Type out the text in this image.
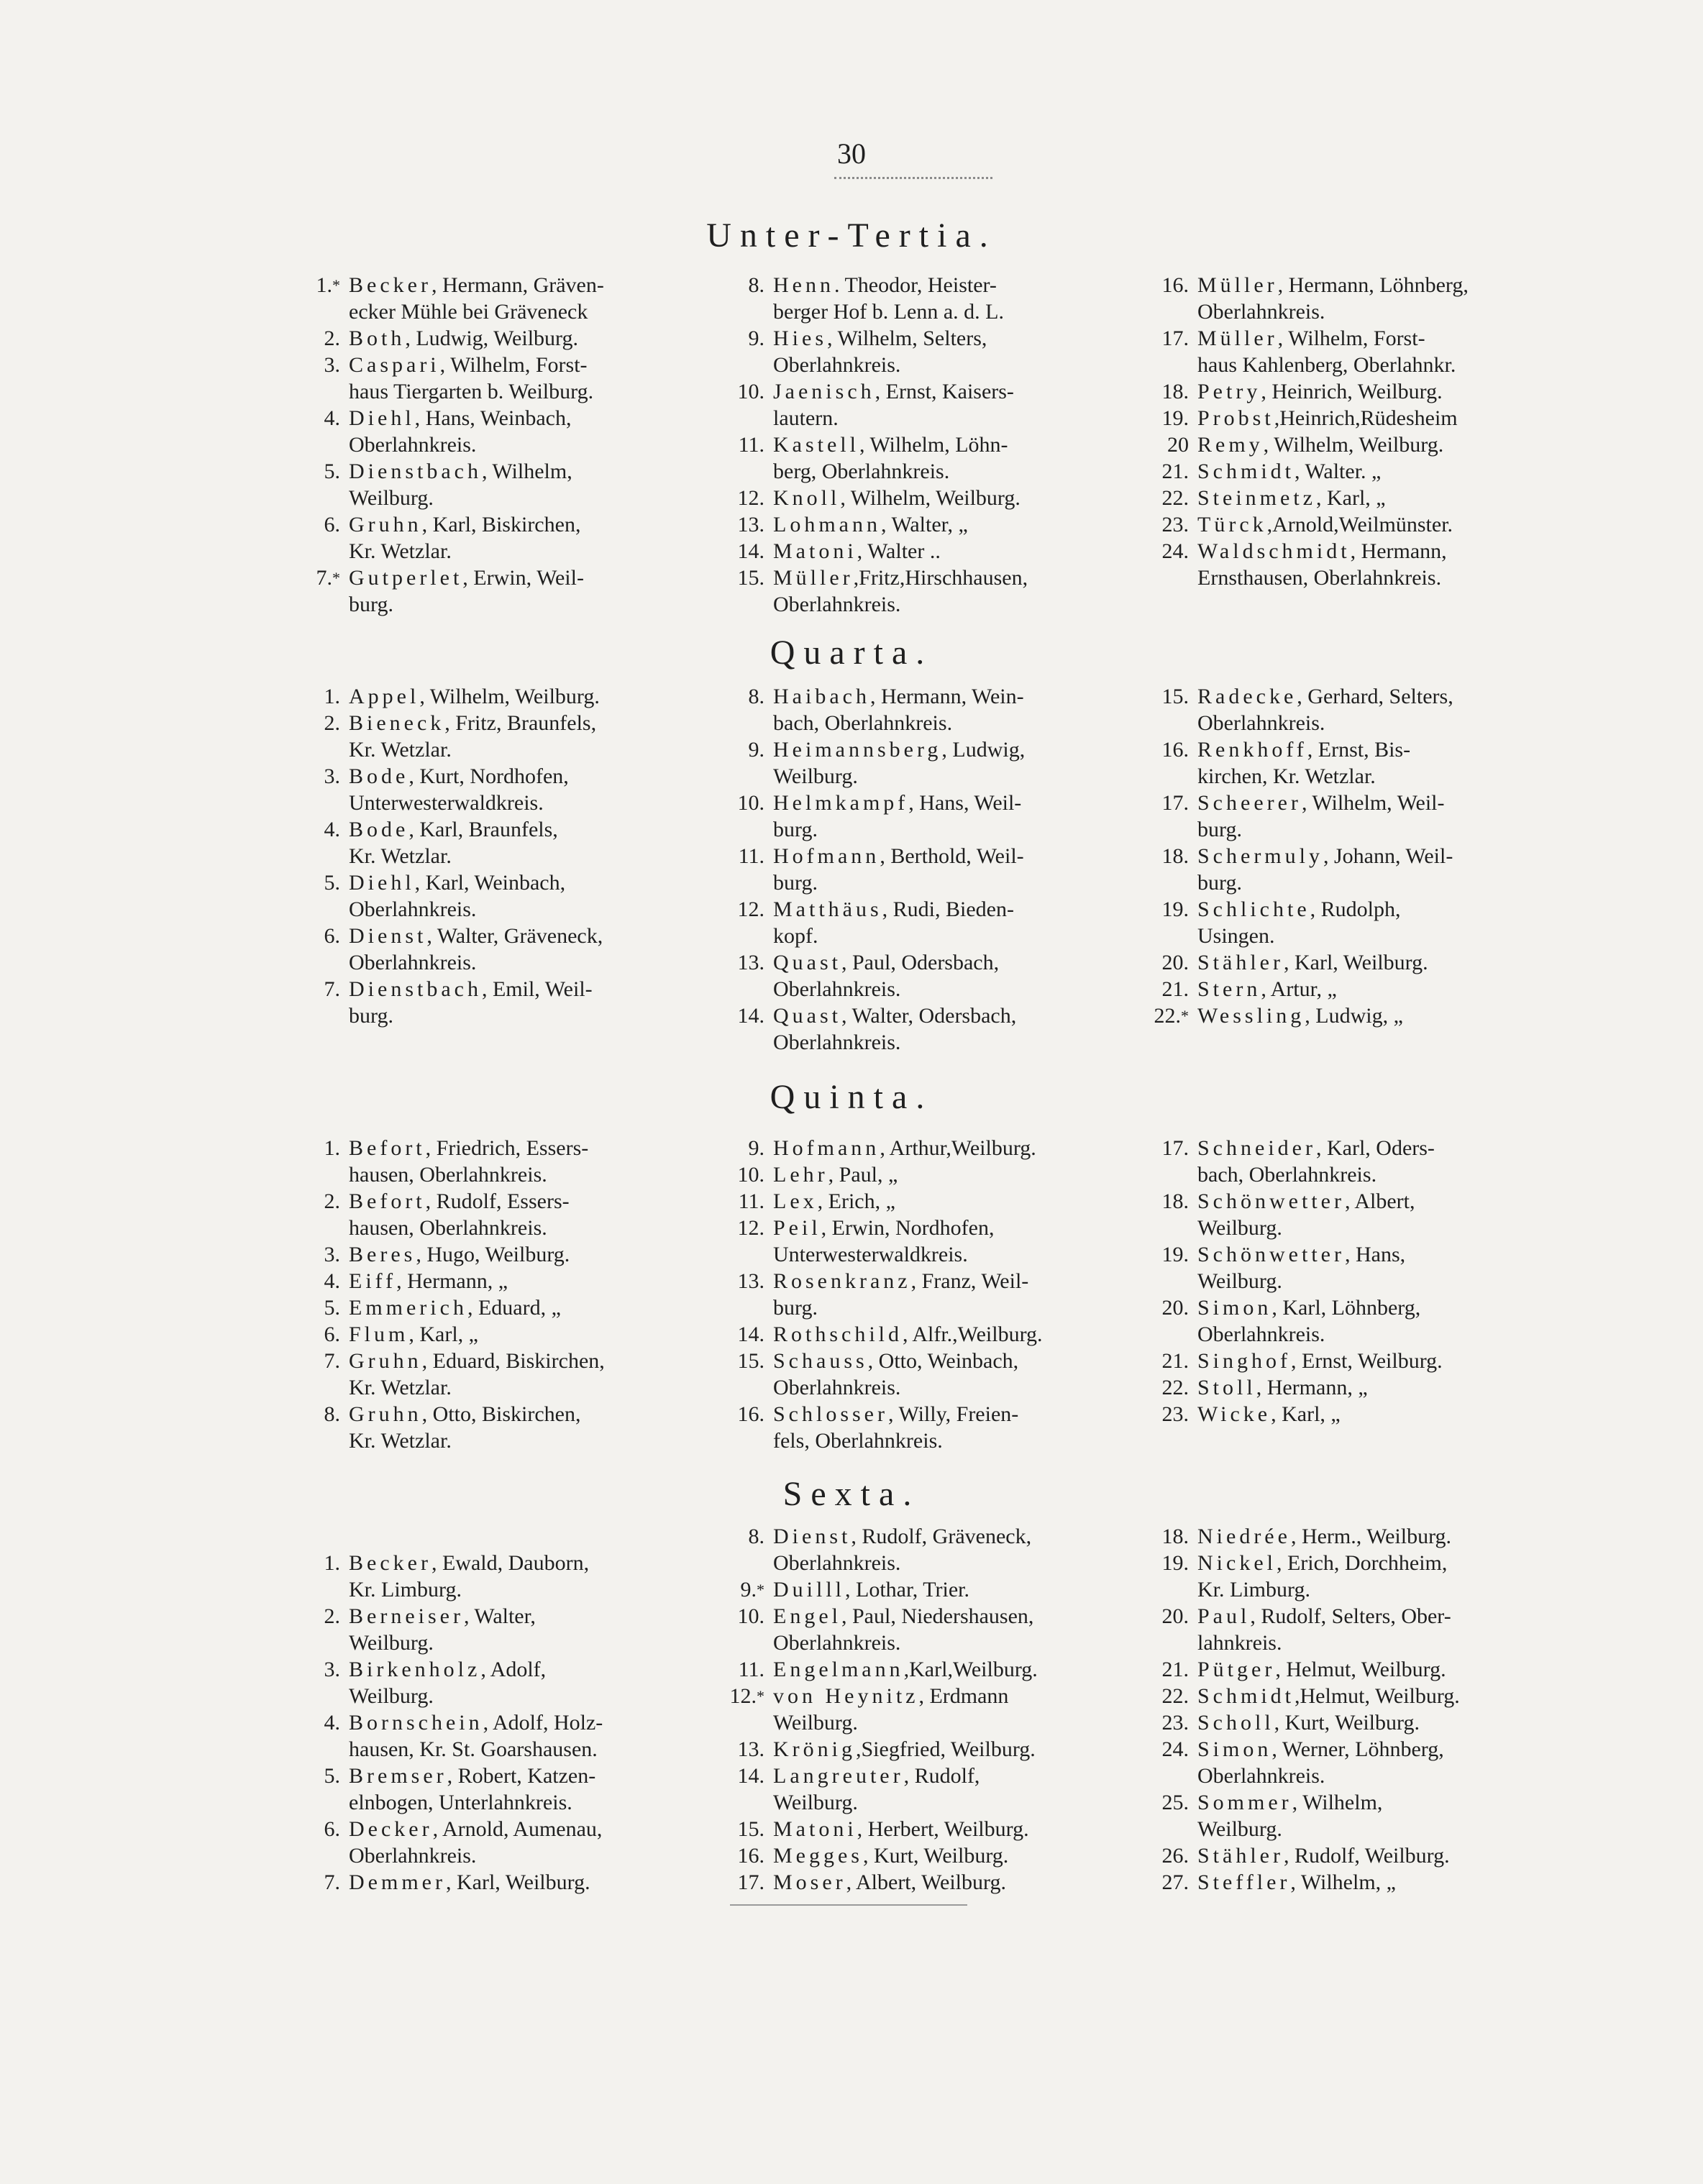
30
Unter-Tertia.
1.* Becker, Hermann, Gräven-
ecker Mühle bei Gräveneck
2. Both, Ludwig, Weilburg.
3. Caspari, Wilhelm, Forst-
haus Tiergarten b. Weilburg.
4. Diehl, Hans, Weinbach,
Oberlahnkreis.
5. Dienstbach, Wilhelm,
Weilburg.
6. Gruhn, Karl, Biskirchen,
Kr. Wetzlar.
7.* Gutperlet, Erwin, Weil-
burg.
8. Henn. Theodor, Heister-
berger Hof b. Lenn a. d. L.
9. Hies, Wilhelm, Selters,
Oberlahnkreis.
10. Jaenisch, Ernst, Kaisers-
lautern.
11. Kastell, Wilhelm, Löhn-
berg, Oberlahnkreis.
12. Knoll, Wilhelm, Weilburg.
13. Lohmann, Walter, „
14. Matoni, Walter ..
15. Müller,Fritz,Hirschhausen,
Oberlahnkreis.
16. Müller, Hermann, Löhnberg,
Oberlahnkreis.
17. Müller, Wilhelm, Forst-
haus Kahlenberg, Oberlahnkr.
18. Petry, Heinrich, Weilburg.
19. Probst,Heinrich,Rüdesheim
20 Remy, Wilhelm, Weilburg.
21. Schmidt, Walter. „
22. Steinmetz, Karl, „
23. Türck,Arnold,Weilmünster.
24. Waldschmidt, Hermann,
Ernsthausen, Oberlahnkreis.
Quarta.
1. Appel, Wilhelm, Weilburg.
2. Bieneck, Fritz, Braunfels,
Kr. Wetzlar.
3. Bode, Kurt, Nordhofen,
Unterwesterwaldkreis.
4. Bode, Karl, Braunfels,
Kr. Wetzlar.
5. Diehl, Karl, Weinbach,
Oberlahnkreis.
6. Dienst, Walter, Gräveneck,
Oberlahnkreis.
7. Dienstbach, Emil, Weil-
burg.
8. Haibach, Hermann, Wein-
bach, Oberlahnkreis.
9. Heimannsberg, Ludwig,
Weilburg.
10. Helmkampf, Hans, Weil-
burg.
11. Hofmann, Berthold, Weil-
burg.
12. Matthäus, Rudi, Bieden-
kopf.
13. Quast, Paul, Odersbach,
Oberlahnkreis.
14. Quast, Walter, Odersbach,
Oberlahnkreis.
15. Radecke, Gerhard, Selters,
Oberlahnkreis.
16. Renkhoff, Ernst, Bis-
kirchen, Kr. Wetzlar.
17. Scheerer, Wilhelm, Weil-
burg.
18. Schermuly, Johann, Weil-
burg.
19. Schlichte, Rudolph,
Usingen.
20. Stähler, Karl, Weilburg.
21. Stern, Artur, „
22.* Wessling, Ludwig, „
Quinta.
1. Befort, Friedrich, Essers-
hausen, Oberlahnkreis.
2. Befort, Rudolf, Essers-
hausen, Oberlahnkreis.
3. Beres, Hugo, Weilburg.
4. Eiff, Hermann, „
5. Emmerich, Eduard, „
6. Flum, Karl, „
7. Gruhn, Eduard, Biskirchen,
Kr. Wetzlar.
8. Gruhn, Otto, Biskirchen,
Kr. Wetzlar.
9. Hofmann, Arthur,Weilburg.
10. Lehr, Paul, „
11. Lex, Erich, „
12. Peil, Erwin, Nordhofen,
Unterwesterwaldkreis.
13. Rosenkranz, Franz, Weil-
burg.
14. Rothschild, Alfr.,Weilburg.
15. Schauss, Otto, Weinbach,
Oberlahnkreis.
16. Schlosser, Willy, Freien-
fels, Oberlahnkreis.
17. Schneider, Karl, Oders-
bach, Oberlahnkreis.
18. Schönwetter, Albert,
Weilburg.
19. Schönwetter, Hans,
Weilburg.
20. Simon, Karl, Löhnberg,
Oberlahnkreis.
21. Singhof, Ernst, Weilburg.
22. Stoll, Hermann, „
23. Wicke, Karl, „
Sexta.
1. Becker, Ewald, Dauborn,
Kr. Limburg.
2. Berneiser, Walter,
Weilburg.
3. Birkenholz, Adolf,
Weilburg.
4. Bornschein, Adolf, Holz-
hausen, Kr. St. Goarshausen.
5. Bremser, Robert, Katzen-
elnbogen, Unterlahnkreis.
6. Decker, Arnold, Aumenau,
Oberlahnkreis.
7. Demmer, Karl, Weilburg.
8. Dienst, Rudolf, Gräveneck,
Oberlahnkreis.
9.* Duilll, Lothar, Trier.
10. Engel, Paul, Niedershausen,
Oberlahnkreis.
11. Engelmann,Karl,Weilburg.
12.* von Heynitz, Erdmann
Weilburg.
13. Krönig,Siegfried, Weilburg.
14. Langreuter, Rudolf,
Weilburg.
15. Matoni, Herbert, Weilburg.
16. Megges, Kurt, Weilburg.
17. Moser, Albert, Weilburg.
18. Niedrée, Herm., Weilburg.
19. Nickel, Erich, Dorchheim,
Kr. Limburg.
20. Paul, Rudolf, Selters, Ober-
lahnkreis.
21. Pütger, Helmut, Weilburg.
22. Schmidt,Helmut, Weilburg.
23. Scholl, Kurt, Weilburg.
24. Simon, Werner, Löhnberg,
Oberlahnkreis.
25. Sommer, Wilhelm,
Weilburg.
26. Stähler, Rudolf, Weilburg.
27. Steffler, Wilhelm, „
